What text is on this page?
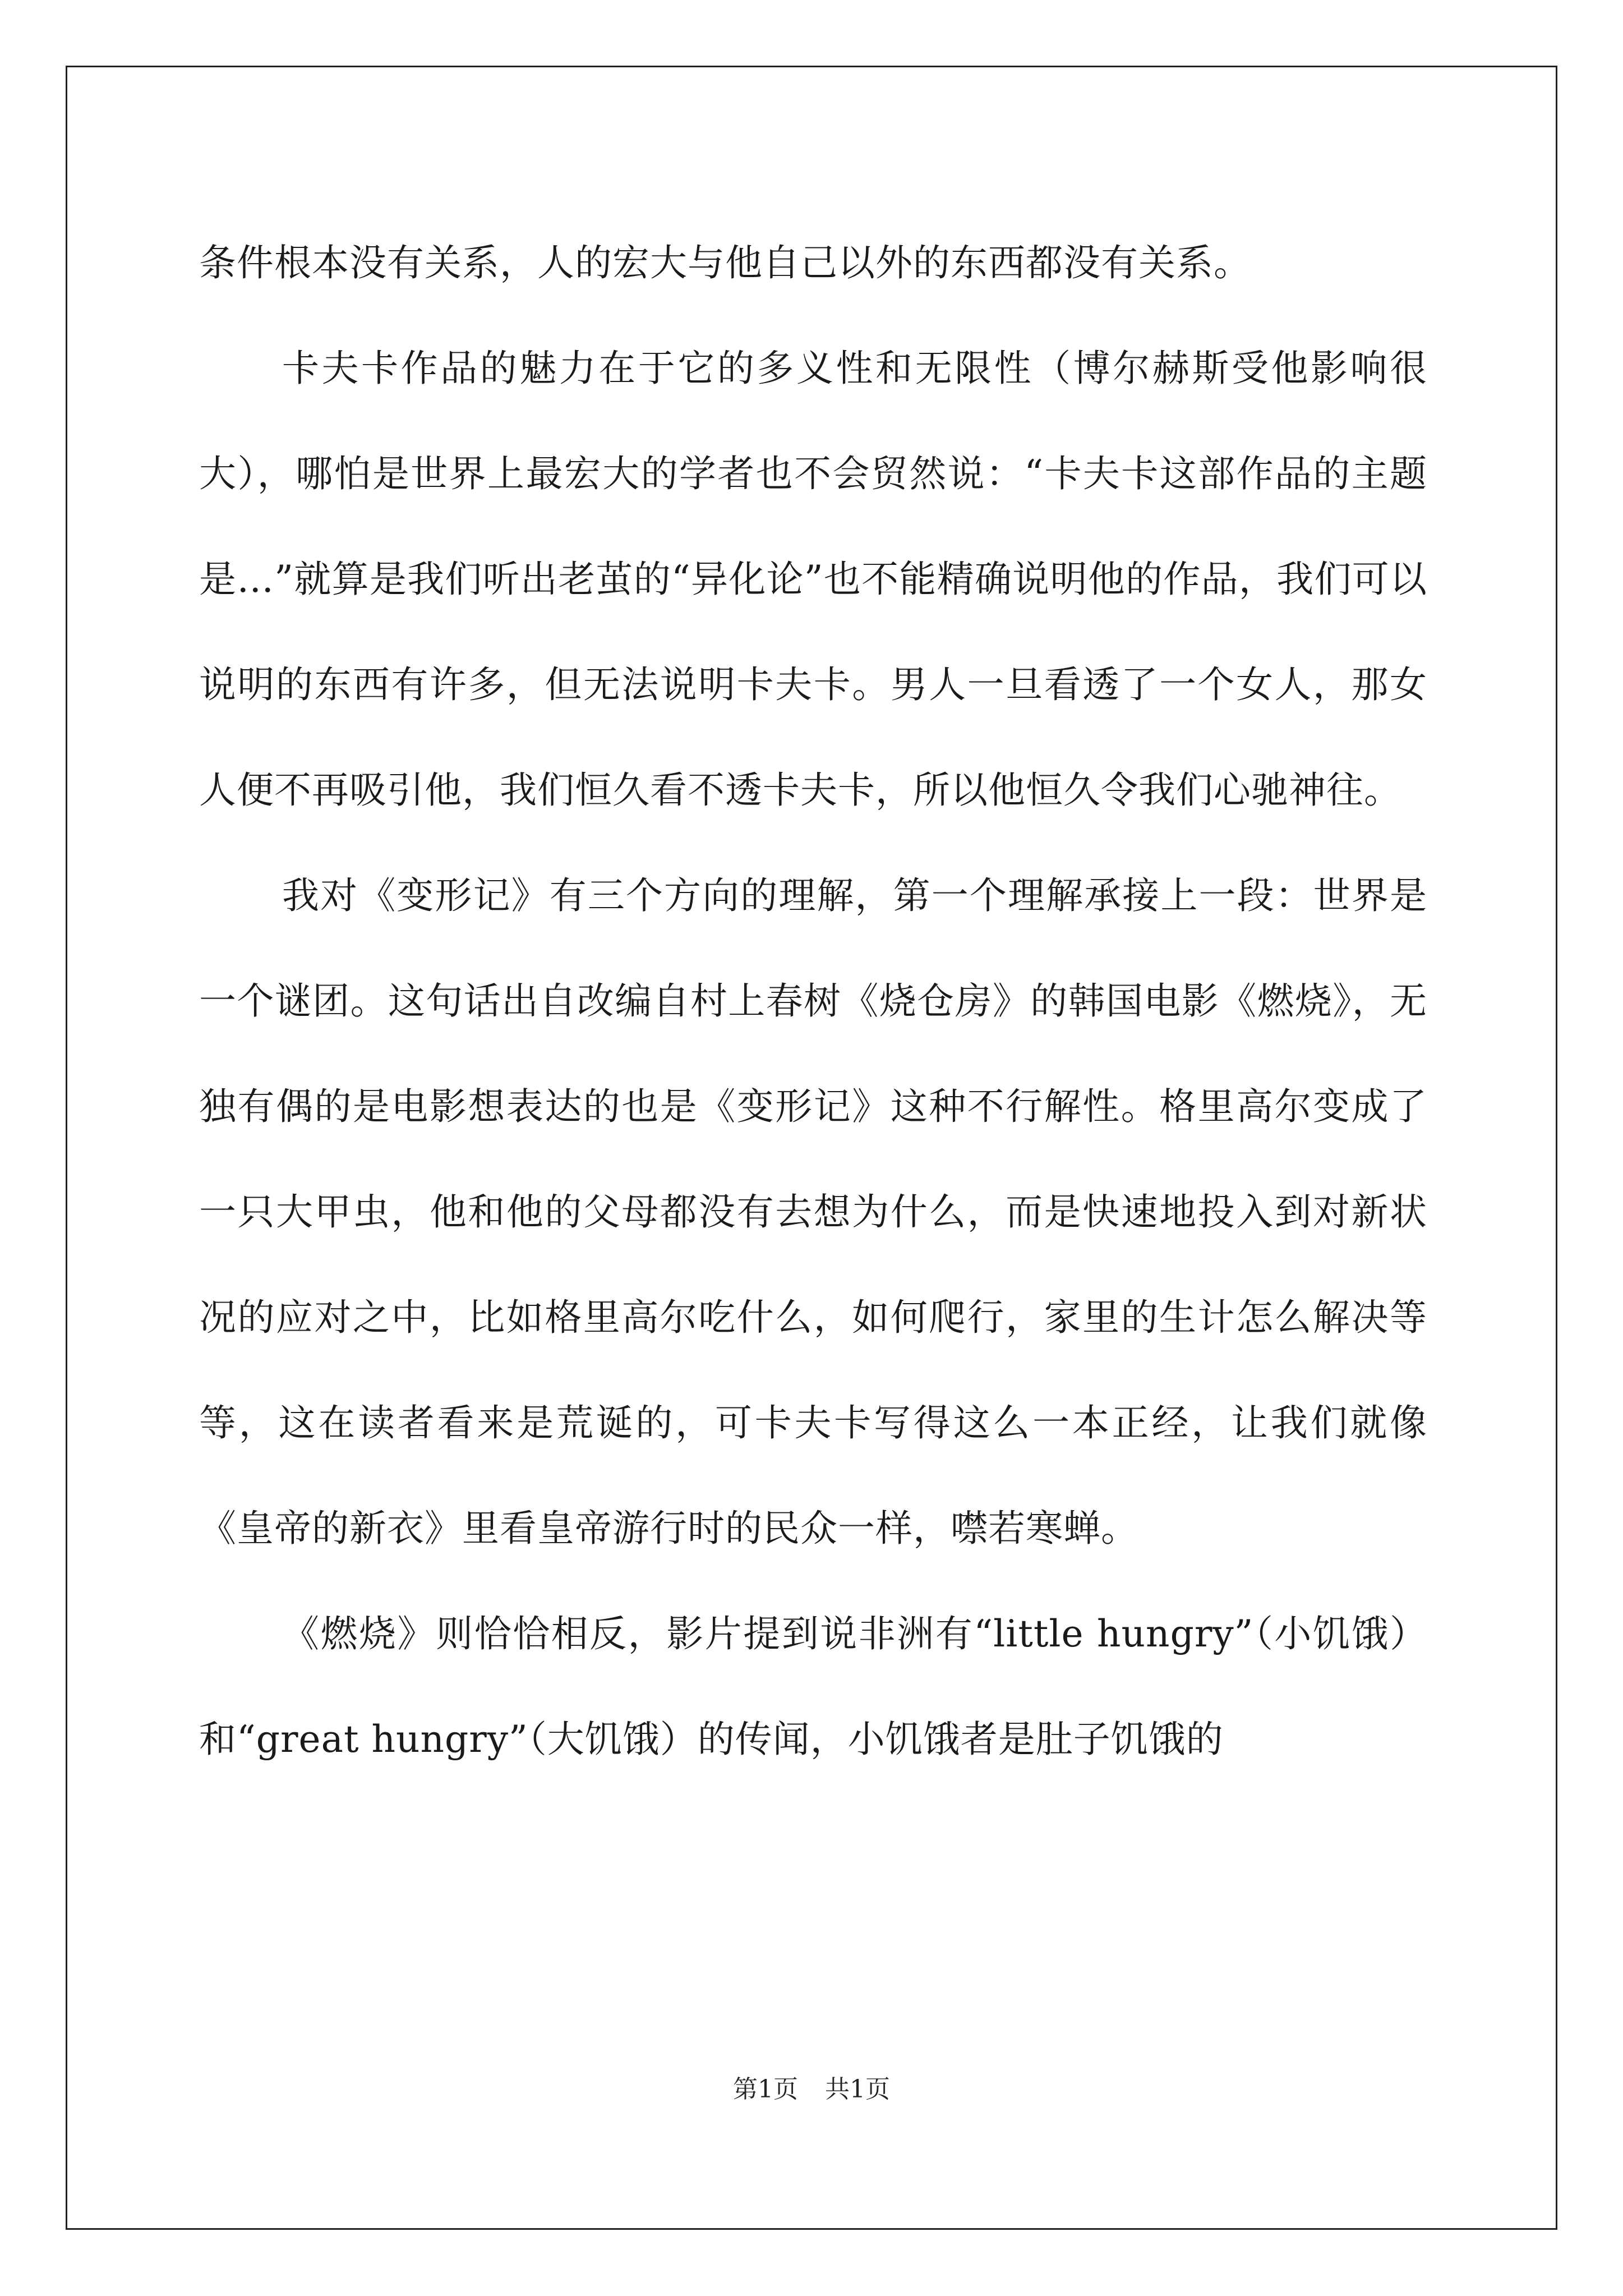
条件根本没有关系，人的宏大与他自己以外的东西都没有关系。

卡夫卡作品的魅力在于它的多义性和无限性（博尔赫斯受他影响很大），哪怕是世界上最宏大的学者也不会贸然说：“卡夫卡这部作品的主题是…”就算是我们听出老茧的“异化论”也不能精确说明他的作品，我们可以说明的东西有许多，但无法说明卡夫卡。男人一旦看透了一个女人，那女人便不再吸引他，我们恒久看不透卡夫卡，所以他恒久令我们心驰神往。

我对《变形记》有三个方向的理解，第一个理解承接上一段：世界是一个谜团。这句话出自改编自村上春树《烧仓房》的韩国电影《燃烧》，无独有偶的是电影想表达的也是《变形记》这种不行解性。格里高尔变成了一只大甲虫，他和他的父母都没有去想为什么，而是快速地投入到对新状况的应对之中，比如格里高尔吃什么，如何爬行，家里的生计怎么解决等等，这在读者看来是荒诞的，可卡夫卡写得这么一本正经，让我们就像《皇帝的新衣》里看皇帝游行时的民众一样，噤若寒蝉。

《燃烧》则恰恰相反，影片提到说非洲有“little hungry”（小饥饿）和“great hungry”（大饥饿）的传闻，小饥饿者是肚子饥饿的

第1页 共1页
